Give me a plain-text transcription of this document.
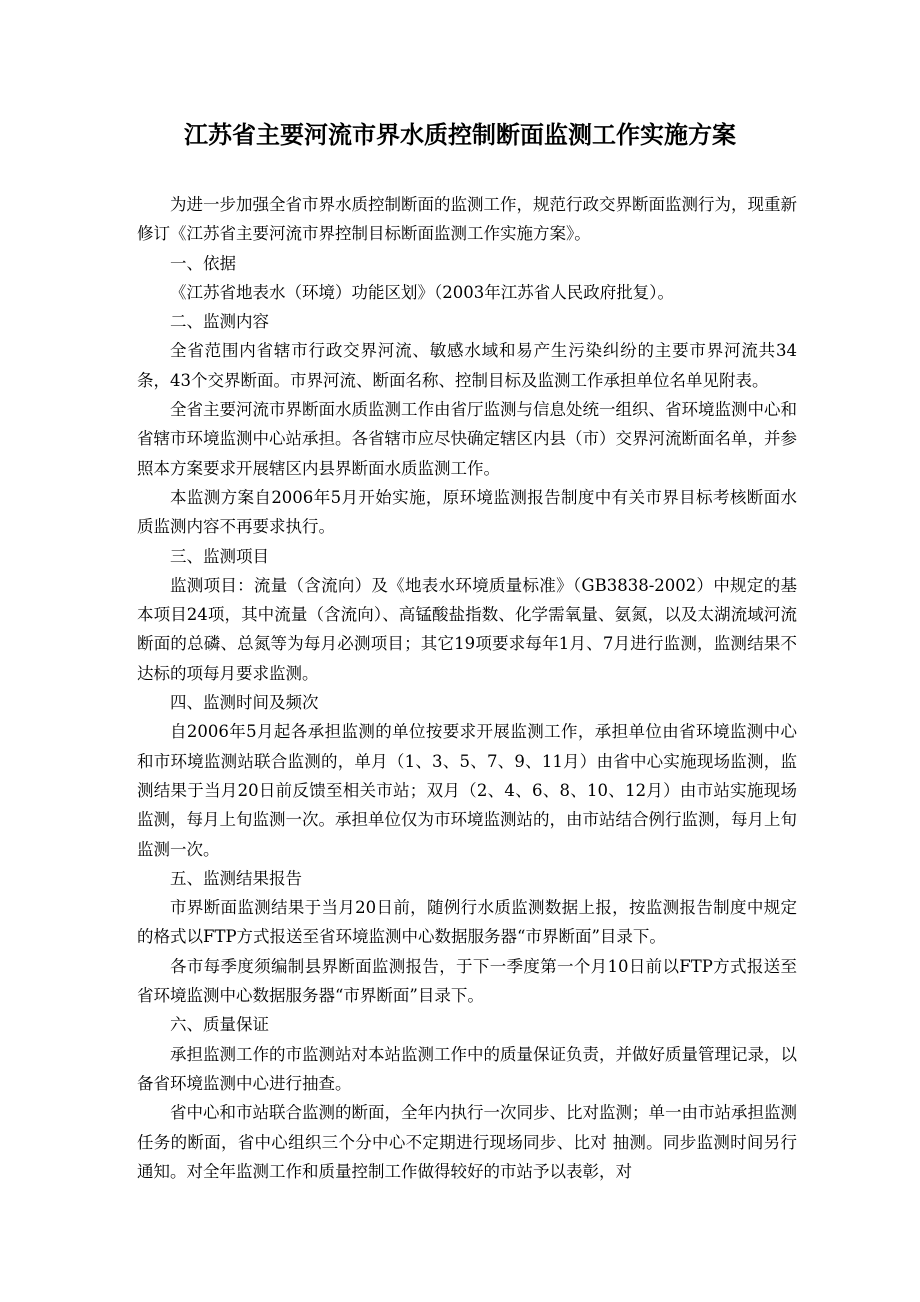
江苏省主要河流市界水质控制断面监测工作实施方案

为进一步加强全省市界水质控制断面的监测工作，规范行政交界断面监测行为，现重新修订《江苏省主要河流市界控制目标断面监测工作实施方案》。

一、依据

《江苏省地表水（环境）功能区划》（2003年江苏省人民政府批复）。

二、监测内容

全省范围内省辖市行政交界河流、敏感水域和易产生污染纠纷的主要市界河流共34条，43个交界断面。市界河流、断面名称、控制目标及监测工作承担单位名单见附表。

全省主要河流市界断面水质监测工作由省厅监测与信息处统一组织、省环境监测中心和省辖市环境监测中心站承担。各省辖市应尽快确定辖区内县（市）交界河流断面名单，并参照本方案要求开展辖区内县界断面水质监测工作。

本监测方案自2006年5月开始实施，原环境监测报告制度中有关市界目标考核断面水质监测内容不再要求执行。

三、监测项目

监测项目：流量（含流向）及《地表水环境质量标准》（GB3838-2002）中规定的基本项目24项，其中流量（含流向）、高锰酸盐指数、化学需氧量、氨氮，以及太湖流域河流断面的总磷、总氮等为每月必测项目；其它19项要求每年1月、7月进行监测，监测结果不达标的项每月要求监测。

四、监测时间及频次

自2006年5月起各承担监测的单位按要求开展监测工作，承担单位由省环境监测中心和市环境监测站联合监测的，单月（1、3、5、7、9、11月）由省中心实施现场监测，监测结果于当月20日前反馈至相关市站；双月（2、4、6、8、10、12月）由市站实施现场监测，每月上旬监测一次。承担单位仅为市环境监测站的，由市站结合例行监测，每月上旬监测一次。

五、监测结果报告

市界断面监测结果于当月20日前，随例行水质监测数据上报，按监测报告制度中规定的格式以FTP方式报送至省环境监测中心数据服务器“市界断面”目录下。

各市每季度须编制县界断面监测报告，于下一季度第一个月10日前以FTP方式报送至省环境监测中心数据服务器“市界断面”目录下。

六、质量保证

承担监测工作的市监测站对本站监测工作中的质量保证负责，并做好质量管理记录，以备省环境监测中心进行抽查。

省中心和市站联合监测的断面，全年内执行一次同步、比对监测；单一由市站承担监测任务的断面，省中心组织三个分中心不定期进行现场同步、比对 抽测。同步监测时间另行通知。对全年监测工作和质量控制工作做得较好的市站予以表彰，对
